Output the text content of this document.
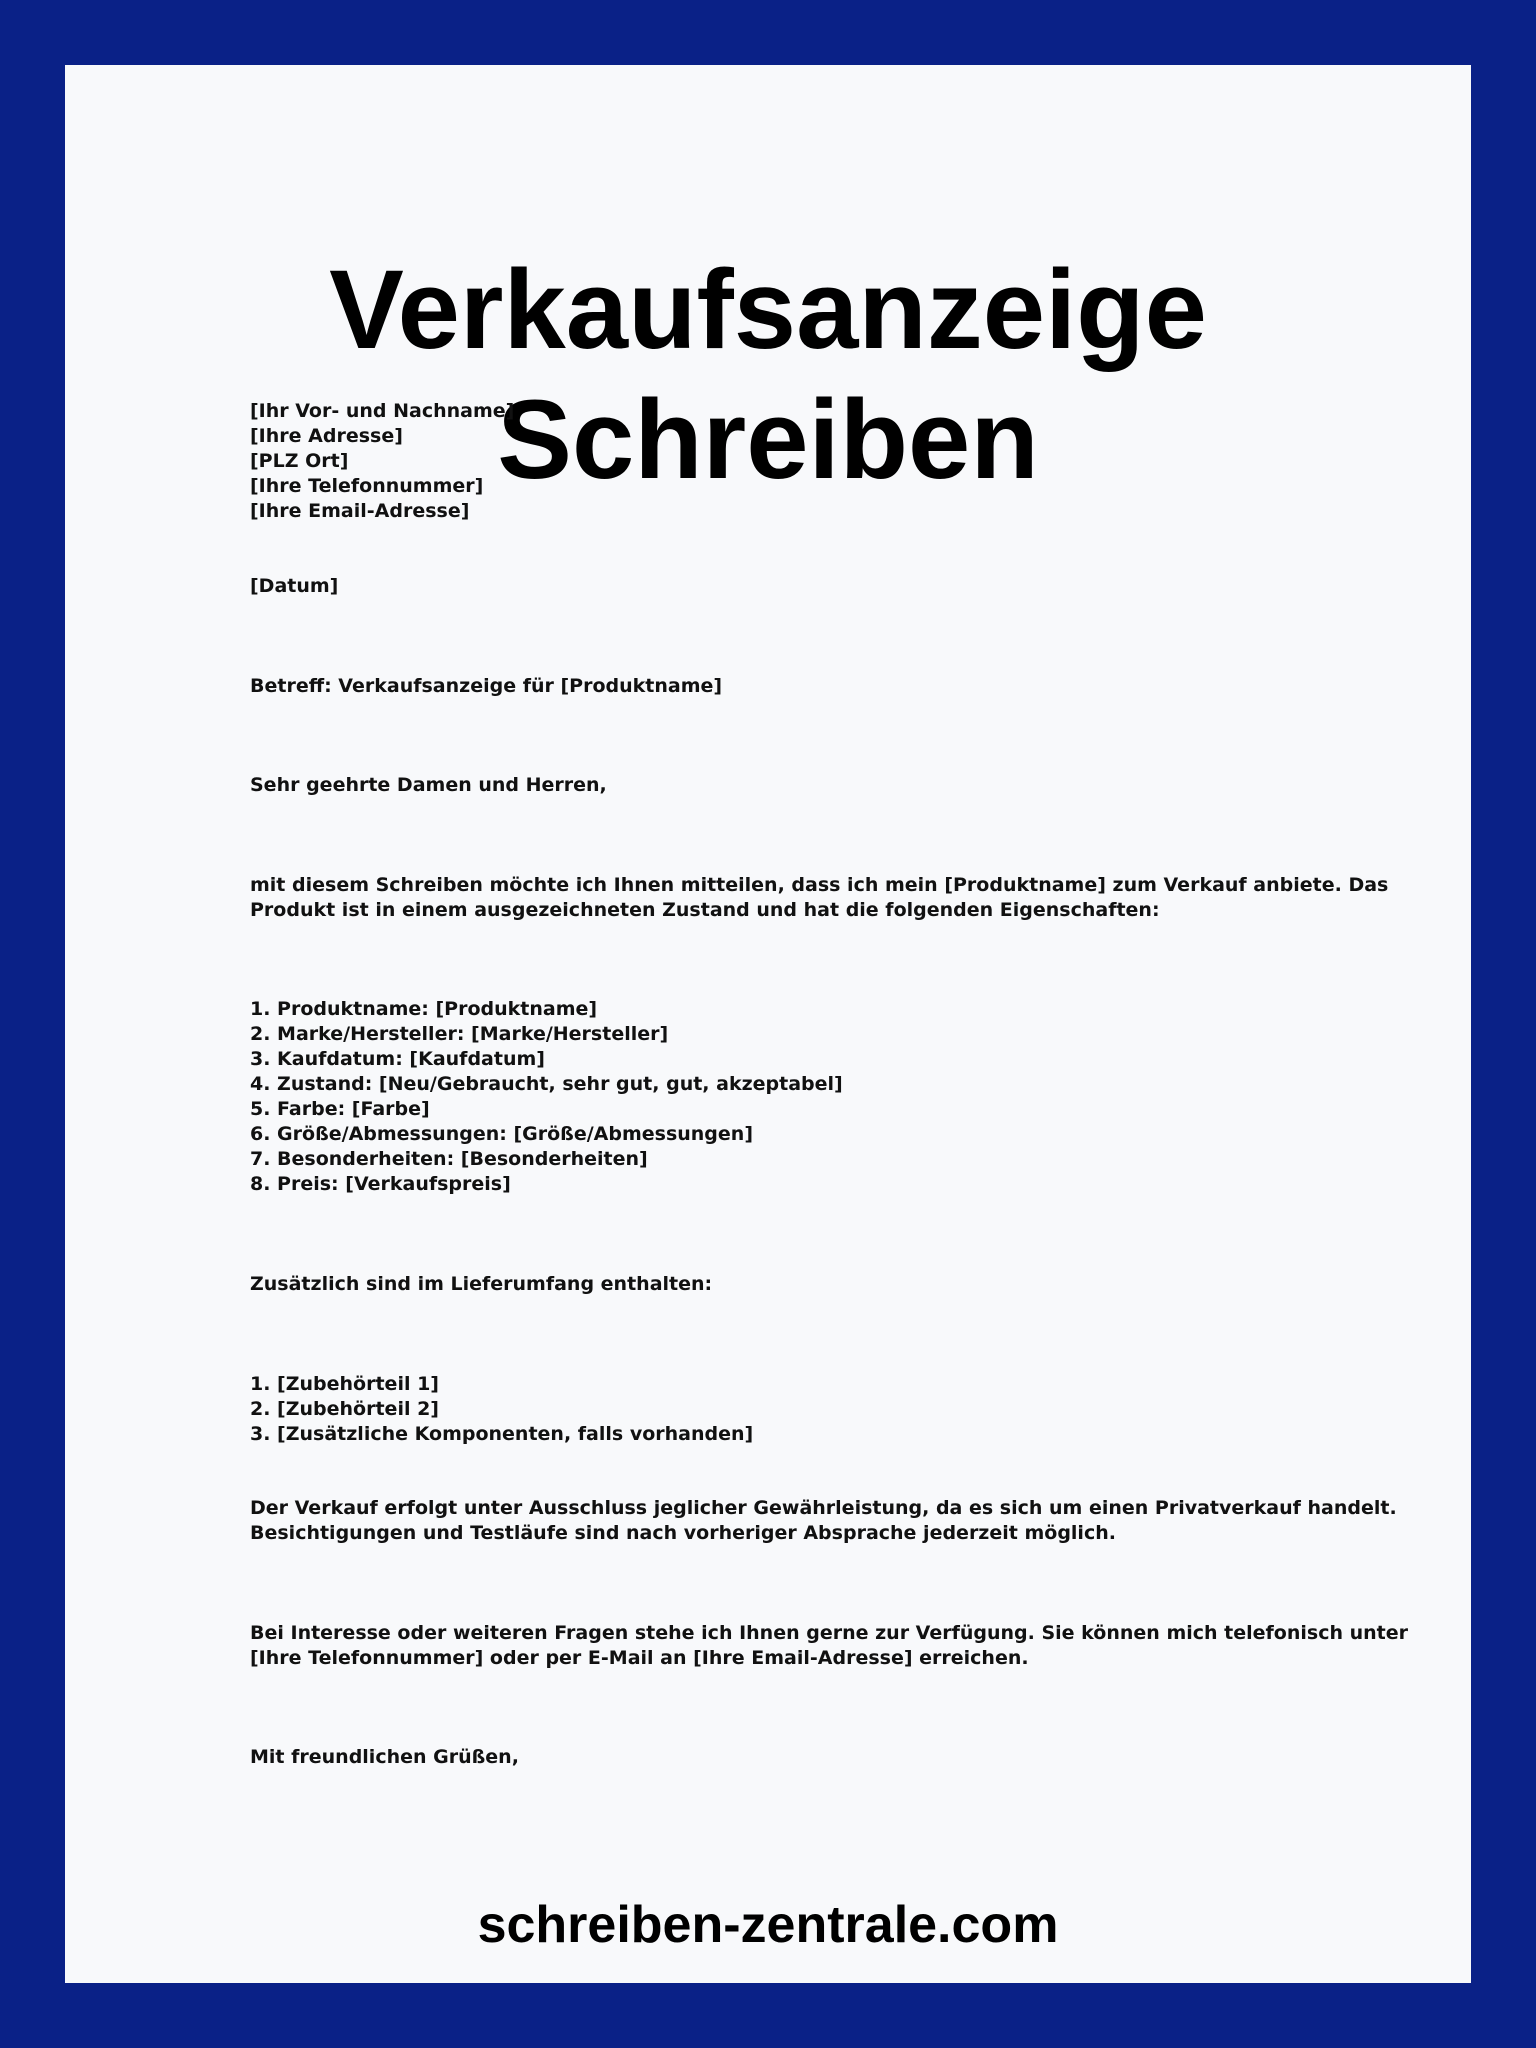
Verkaufsanzeige Schreiben

[Ihr Vor- und Nachname]
[Ihre Adresse]
[PLZ Ort]
[Ihre Telefonnummer]
[Ihre Email-Adresse]

[Datum]

Betreff: Verkaufsanzeige für [Produktname]

Sehr geehrte Damen und Herren,

mit diesem Schreiben möchte ich Ihnen mitteilen, dass ich mein [Produktname] zum Verkauf anbiete. Das
Produkt ist in einem ausgezeichneten Zustand und hat die folgenden Eigenschaften:

1. Produktname: [Produktname]
2. Marke/Hersteller: [Marke/Hersteller]
3. Kaufdatum: [Kaufdatum]
4. Zustand: [Neu/Gebraucht, sehr gut, gut, akzeptabel]
5. Farbe: [Farbe]
6. Größe/Abmessungen: [Größe/Abmessungen]
7. Besonderheiten: [Besonderheiten]
8. Preis: [Verkaufspreis]

Zusätzlich sind im Lieferumfang enthalten:

1. [Zubehörteil 1]
2. [Zubehörteil 2]
3. [Zusätzliche Komponenten, falls vorhanden]

Der Verkauf erfolgt unter Ausschluss jeglicher Gewährleistung, da es sich um einen Privatverkauf handelt.
Besichtigungen und Testläufe sind nach vorheriger Absprache jederzeit möglich.

Bei Interesse oder weiteren Fragen stehe ich Ihnen gerne zur Verfügung. Sie können mich telefonisch unter
[Ihre Telefonnummer] oder per E-Mail an [Ihre Email-Adresse] erreichen.

Mit freundlichen Grüßen,

schreiben-zentrale.com
